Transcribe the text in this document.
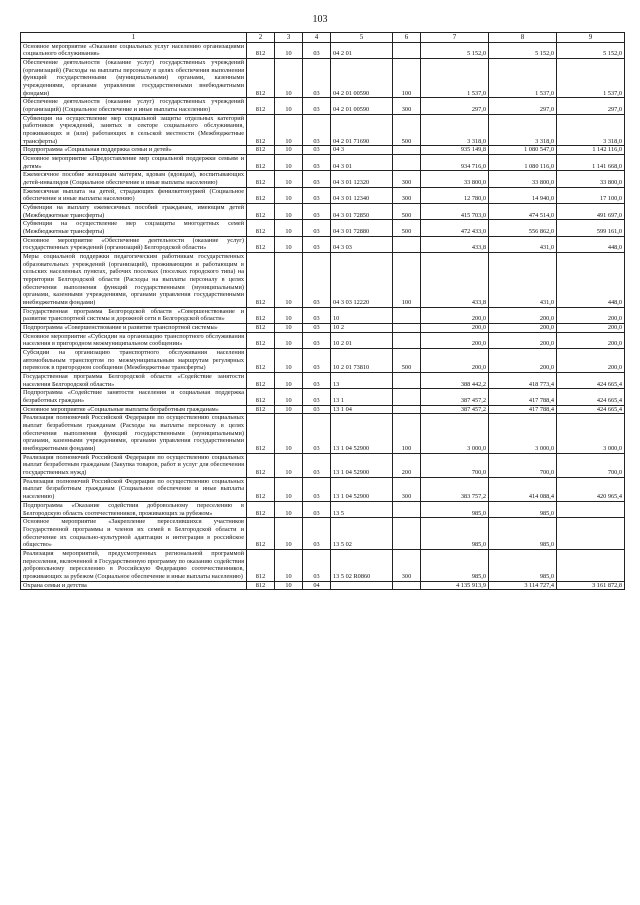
103
1	2	3	4	5	6	7	8	9
Основное мероприятие «Оказание социальных услуг населению организациями социального обслуживания»	812	10	03	04 2 01		5 152,0	5 152,0	5 152,0
Обеспечение деятельности (оказание услуг) государственных учреждений (организаций) (Расходы на выплаты персоналу в целях обеспечения выполнения функций государственными (муниципальными) органами, казенными учреждениями, органами управления государственными внебюджетными фондами)	812	10	03	04 2 01 00590	100	1 537,0	1 537,0	1 537,0
Обеспечение деятельности (оказание услуг) государственных учреждений (организаций) (Социальное обеспечение и иные выплаты населению)	812	10	03	04 2 01 00590	300	297,0	297,0	297,0
Субвенция на осуществление мер социальной защиты отдельных категорий работников учреждений, занятых в секторе социального обслуживания, проживающих и (или) работающих в сельской местности (Межбюджетные трансферты)	812	10	03	04 2 01 71690	500	3 318,0	3 318,0	3 318,0
Подпрограмма «Социальная поддержка семьи и детей»	812	10	03	04 3		935 149,8	1 080 547,0	1 142 116,0
Основное мероприятие «Предоставление мер социальной поддержки семьям и детям»	812	10	03	04 3 01		934 716,0	1 080 116,0	1 141 668,0
Ежемесячное пособие женщинам матерям, вдовам (вдовцам), воспитывающих детей-инвалидов (Социальное обеспечение и иные выплаты населению)	812	10	03	04 3 01 12320	300	33 800,0	33 800,0	33 800,0
Ежемесячная выплата на детей, страдающих фенилкетонурией (Социальное обеспечение и иные выплаты населению)	812	10	03	04 3 01 12340	300	12 780,0	14 940,0	17 100,0
Субвенция на выплату ежемесячных пособий гражданам, имеющим детей (Межбюджетные трансферты)	812	10	03	04 3 01 72850	500	415 703,0	474 514,0	491 697,0
Субвенция на осуществление мер соцзащиты многодетных семей (Межбюджетные трансферты)	812	10	03	04 3 01 72880	500	472 433,0	556 862,0	599 161,0
Основное мероприятие «Обеспечение деятельности (оказание услуг) государственных учреждений (организаций) Белгородской области»	812	10	03	04 3 03		433,8	431,0	448,0
Меры социальной поддержки педагогическим работникам государственных образовательных учреждений (организаций), проживающим и работающим в сельских населенных пунктах, рабочих поселках (поселках городского типа) на территории Белгородской области (Расходы на выплаты персоналу в целях обеспечения выполнения функций государственными (муниципальными) органами, казенными учреждениями, органами управления государственными внебюджетными фондами)	812	10	03	04 3 03 12220	100	433,8	431,0	448,0
Государственная программа Белгородской области «Совершенствование и развитие транспортной системы и дорожной сети в Белгородской области»	812	10	03	10		200,0	200,0	200,0
Подпрограмма «Совершенствование и развитие транспортной системы»	812	10	03	10 2		200,0	200,0	200,0
Основное мероприятие «Субсидии на организацию транспортного обслуживания населения в пригородном межмуниципальном сообщении»	812	10	03	10 2 01		200,0	200,0	200,0
Субсидии на организацию транспортного обслуживания населения автомобильным транспортом по межмуниципальным маршрутам регулярных перевозок в пригородном сообщении (Межбюджетные трансферты)	812	10	03	10 2 01 73810	500	200,0	200,0	200,0
Государственная программа Белгородской области «Содействие занятости населения Белгородской области»	812	10	03	13		388 442,2	418 773,4	424 665,4
Подпрограмма «Содействие занятости населения и социальная поддержка безработных граждан»	812	10	03	13 1		387 457,2	417 788,4	424 665,4
Основное мероприятие «Социальные выплаты безработным гражданам»	812	10	03	13 1 04		387 457,2	417 788,4	424 665,4
Реализация полномочий Российской Федерации по осуществлению социальных выплат безработным гражданам (Расходы на выплаты персоналу в целях обеспечения выполнения функций государственными (муниципальными) органами, казенными учреждениями, органами управления государственными внебюджетными фондами)	812	10	03	13 1 04 52900	100	3 000,0	3 000,0	3 000,0
Реализация полномочий Российской Федерации по осуществлению социальных выплат безработным гражданам (Закупка товаров, работ и услуг для обеспечения государственных нужд)	812	10	03	13 1 04 52900	200	700,0	700,0	700,0
Реализация полномочий Российской Федерации по осуществлению социальных выплат безработным гражданам (Социальное обеспечение и иные выплаты населению)	812	10	03	13 1 04 52900	300	383 757,2	414 088,4	420 965,4
Подпрограмма «Оказание содействия добровольному переселению в Белгородскую область соотечественников, проживающих за рубежом»	812	10	03	13 5		985,0	985,0	
Основное мероприятие «Закрепление переселившихся участников Государственной программы и членов их семей в Белгородской области и обеспечение их социально-культурной адаптации и интеграции в российское общество»	812	10	03	13 5 02		985,0	985,0	
Реализация мероприятий, предусмотренных региональной программой переселения, включенной в Государственную программу по оказанию содействия добровольному переселению в Российскую Федерацию соотечественников, проживающих за рубежом (Социальное обеспечение и иные выплаты населению)	812	10	03	13 5 02 R0860	300	985,0	985,0	
Охрана семьи и детства	812	10	04			4 135 913,9	3 114 727,4	3 161 872,8
